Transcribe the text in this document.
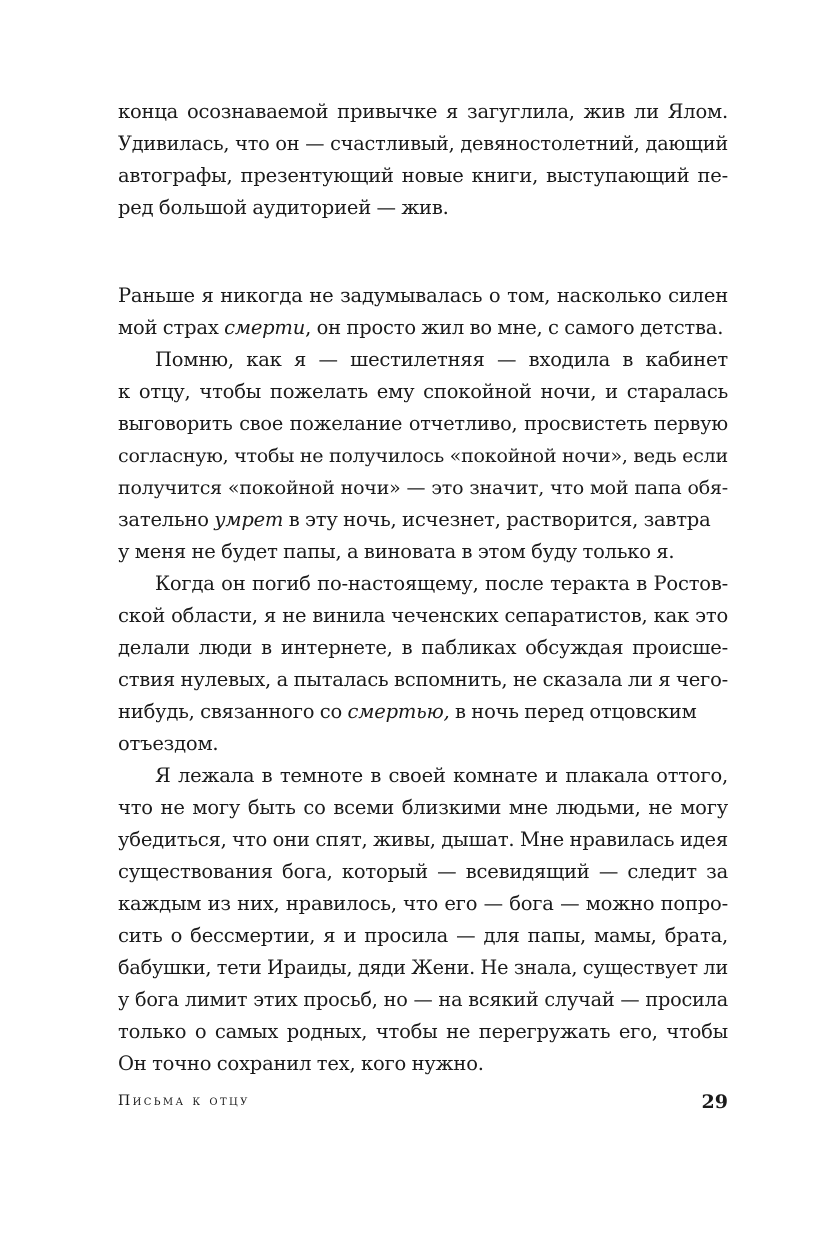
конца осознаваемой привычке я загуглила, жив ли Ялом.
Удивилась, что он — счастливый, девяностолетний, дающий
автографы, презентующий новые книги, выступающий пе-
ред большой аудиторией — жив.
Раньше я никогда не задумывалась о том, насколько силен
мой страх смерти, он просто жил во мне, с самого детства.
Помню, как я — шестилетняя — входила в кабинет
к отцу, чтобы пожелать ему спокойной ночи, и старалась
выговорить свое пожелание отчетливо, просвистеть первую
согласную, чтобы не получилось «покойной ночи», ведь если
получится «покойной ночи» — это значит, что мой папа обя-
зательно умрет в эту ночь, исчезнет, растворится, завтра
у меня не будет папы, а виновата в этом буду только я.
Когда он погиб по-настоящему, после теракта в Ростов-
ской области, я не винила чеченских сепаратистов, как это
делали люди в интернете, в пабликах обсуждая происше-
ствия нулевых, а пыталась вспомнить, не сказала ли я чего-
нибудь, связанного со смертью, в ночь перед отцовским
отъездом.
Я лежала в темноте в своей комнате и плакала оттого,
что не могу быть со всеми близкими мне людьми, не могу
убедиться, что они спят, живы, дышат. Мне нравилась идея
существования бога, который — всевидящий — следит за
каждым из них, нравилось, что его — бога — можно попро-
сить о бессмертии, я и просила — для папы, мамы, брата,
бабушки, тети Ираиды, дяди Жени. Не знала, существует ли
у бога лимит этих просьб, но — на всякий случай — просила
только о самых родных, чтобы не перегружать его, чтобы
Он точно сохранил тех, кого нужно.
Письма к отцу	29
